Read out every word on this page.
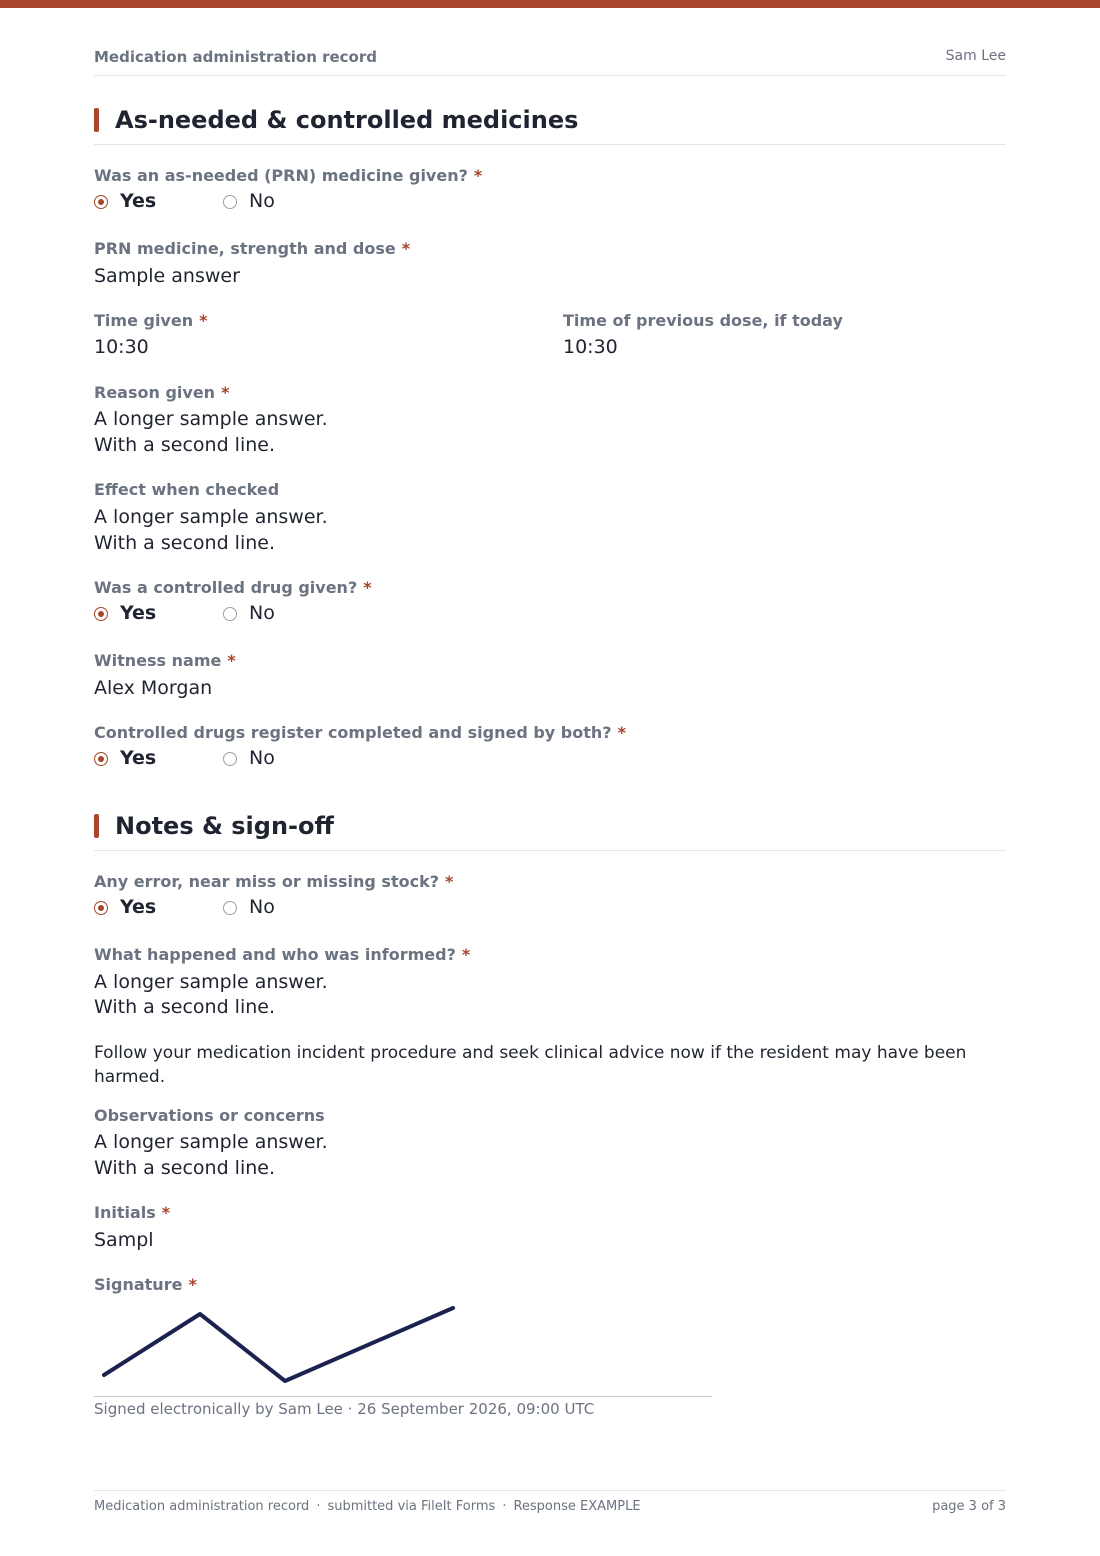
Medication administration record	Sam Lee
As-needed & controlled medicines
Was an as-needed (PRN) medicine given? *
Yes	No
PRN medicine, strength and dose *
Sample answer
Time given *
10:30
Time of previous dose, if today
10:30
Reason given *
A longer sample answer.
With a second line.
Effect when checked
A longer sample answer.
With a second line.
Was a controlled drug given? *
Yes	No
Witness name *
Alex Morgan
Controlled drugs register completed and signed by both? *
Yes	No
Notes & sign-off
Any error, near miss or missing stock? *
Yes	No
What happened and who was informed? *
A longer sample answer.
With a second line.
Follow your medication incident procedure and seek clinical advice now if the resident may have been harmed.
Observations or concerns
A longer sample answer.
With a second line.
Initials *
Sampl
Signature *
Signed electronically by Sam Lee · 26 September 2026, 09:00 UTC
Medication administration record · submitted via FileIt Forms · Response EXAMPLE	page 3 of 3
